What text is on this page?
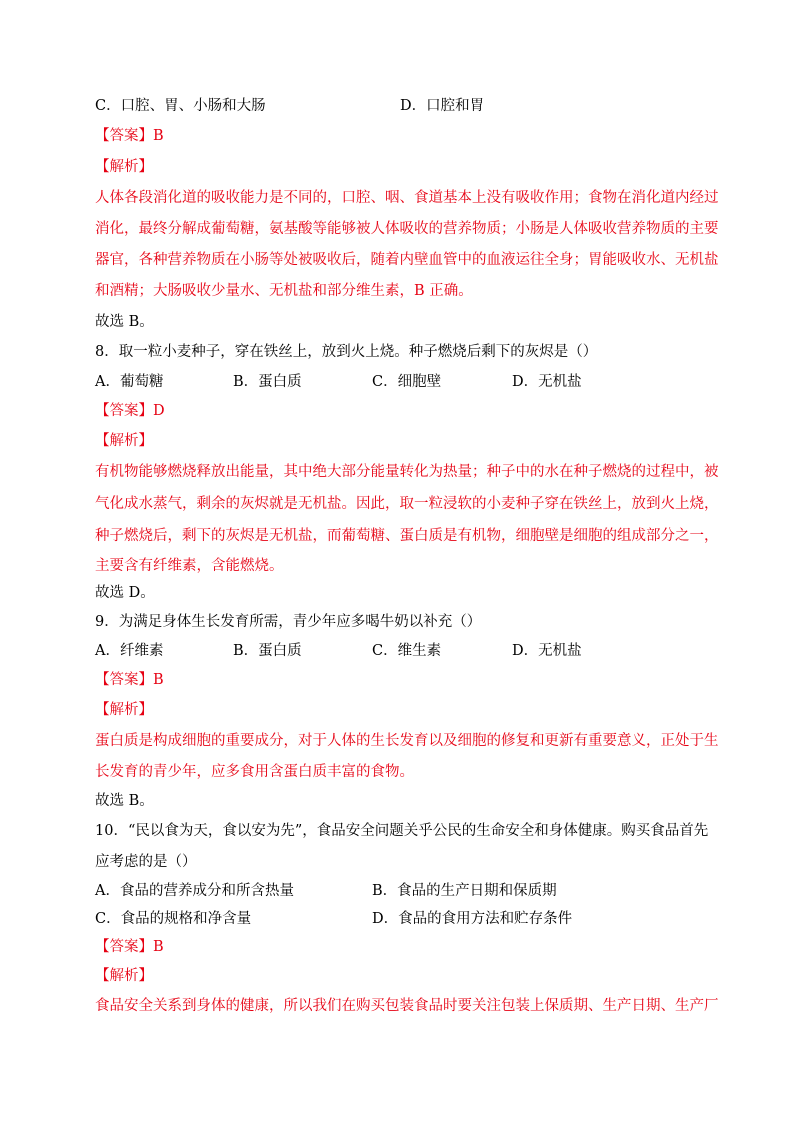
C．口腔、胃、小肠和大肠	D．口腔和胃
【答案】B
【解析】
人体各段消化道的吸收能力是不同的，口腔、咽、食道基本上没有吸收作用；食物在消化道内经过
消化，最终分解成葡萄糖，氨基酸等能够被人体吸收的营养物质；小肠是人体吸收营养物质的主要
器官，各种营养物质在小肠等处被吸收后，随着内壁血管中的血液运往全身；胃能吸收水、无机盐
和酒精；大肠吸收少量水、无机盐和部分维生素，B 正确。
故选 B。
8．取一粒小麦种子，穿在铁丝上，放到火上烧。种子燃烧后剩下的灰烬是（）
A．葡萄糖	B．蛋白质	C．细胞壁	D．无机盐
【答案】D
【解析】
有机物能够燃烧释放出能量，其中绝大部分能量转化为热量；种子中的水在种子燃烧的过程中，被
气化成水蒸气，剩余的灰烬就是无机盐。因此，取一粒浸软的小麦种子穿在铁丝上，放到火上烧，
种子燃烧后，剩下的灰烬是无机盐，而葡萄糖、蛋白质是有机物，细胞壁是细胞的组成部分之一，
主要含有纤维素，含能燃烧。
故选 D。
9．为满足身体生长发育所需，青少年应多喝牛奶以补充（）
A．纤维素	B．蛋白质	C．维生素	D．无机盐
【答案】B
【解析】
蛋白质是构成细胞的重要成分，对于人体的生长发育以及细胞的修复和更新有重要意义，正处于生
长发育的青少年，应多食用含蛋白质丰富的食物。
故选 B。
10．“民以食为天，食以安为先”，食品安全问题关乎公民的生命安全和身体健康。购买食品首先
应考虑的是（）
A．食品的营养成分和所含热量	B．食品的生产日期和保质期
C．食品的规格和净含量	D．食品的食用方法和贮存条件
【答案】B
【解析】
食品安全关系到身体的健康，所以我们在购买包装食品时要关注包装上保质期、生产日期、生产厂
